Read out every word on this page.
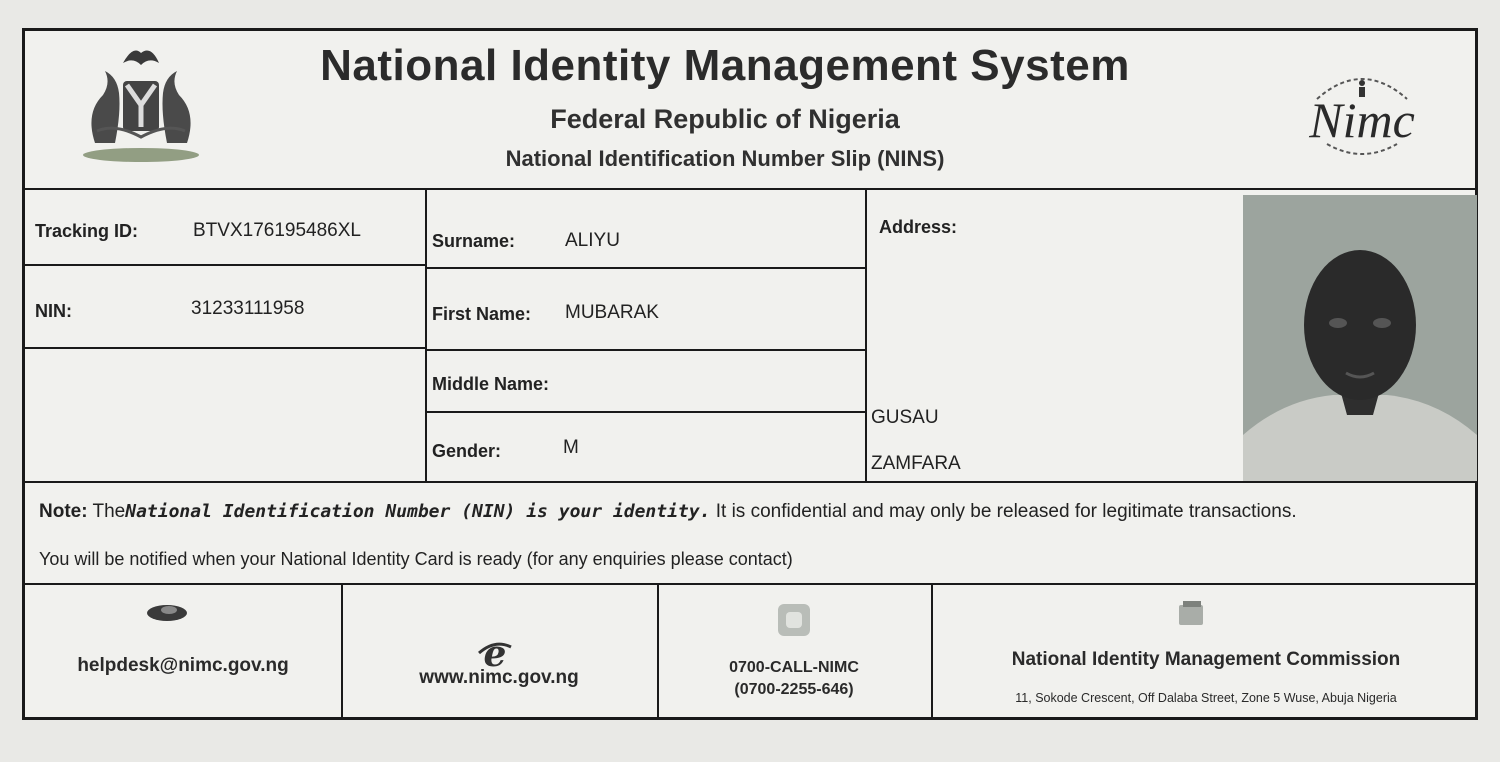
National Identity Management System
Federal Republic of Nigeria
National Identification Number Slip (NINS)
Nimc
Tracking ID:	BTVX176195486XL
NIN:	31233111958
Surname:	ALIYU
First Name: MUBARAK
Middle Name:
Gender:	M
Address:
GUSAU
ZAMFARA
Note: TheNational Identification Number (NIN) is your identity. It is confidential and may only be released for legitimate transactions.
You will be notified when your National Identity Card is ready (for any enquiries please contact)
helpdesk@nimc.gov.ng	e
www.nimc.gov.ng	0700-CALL-NIMC
(0700-2255-646)
National Identity Management Commission
11, Sokode Crescent, Off Dalaba Street, Zone 5 Wuse, Abuja Nigeria
